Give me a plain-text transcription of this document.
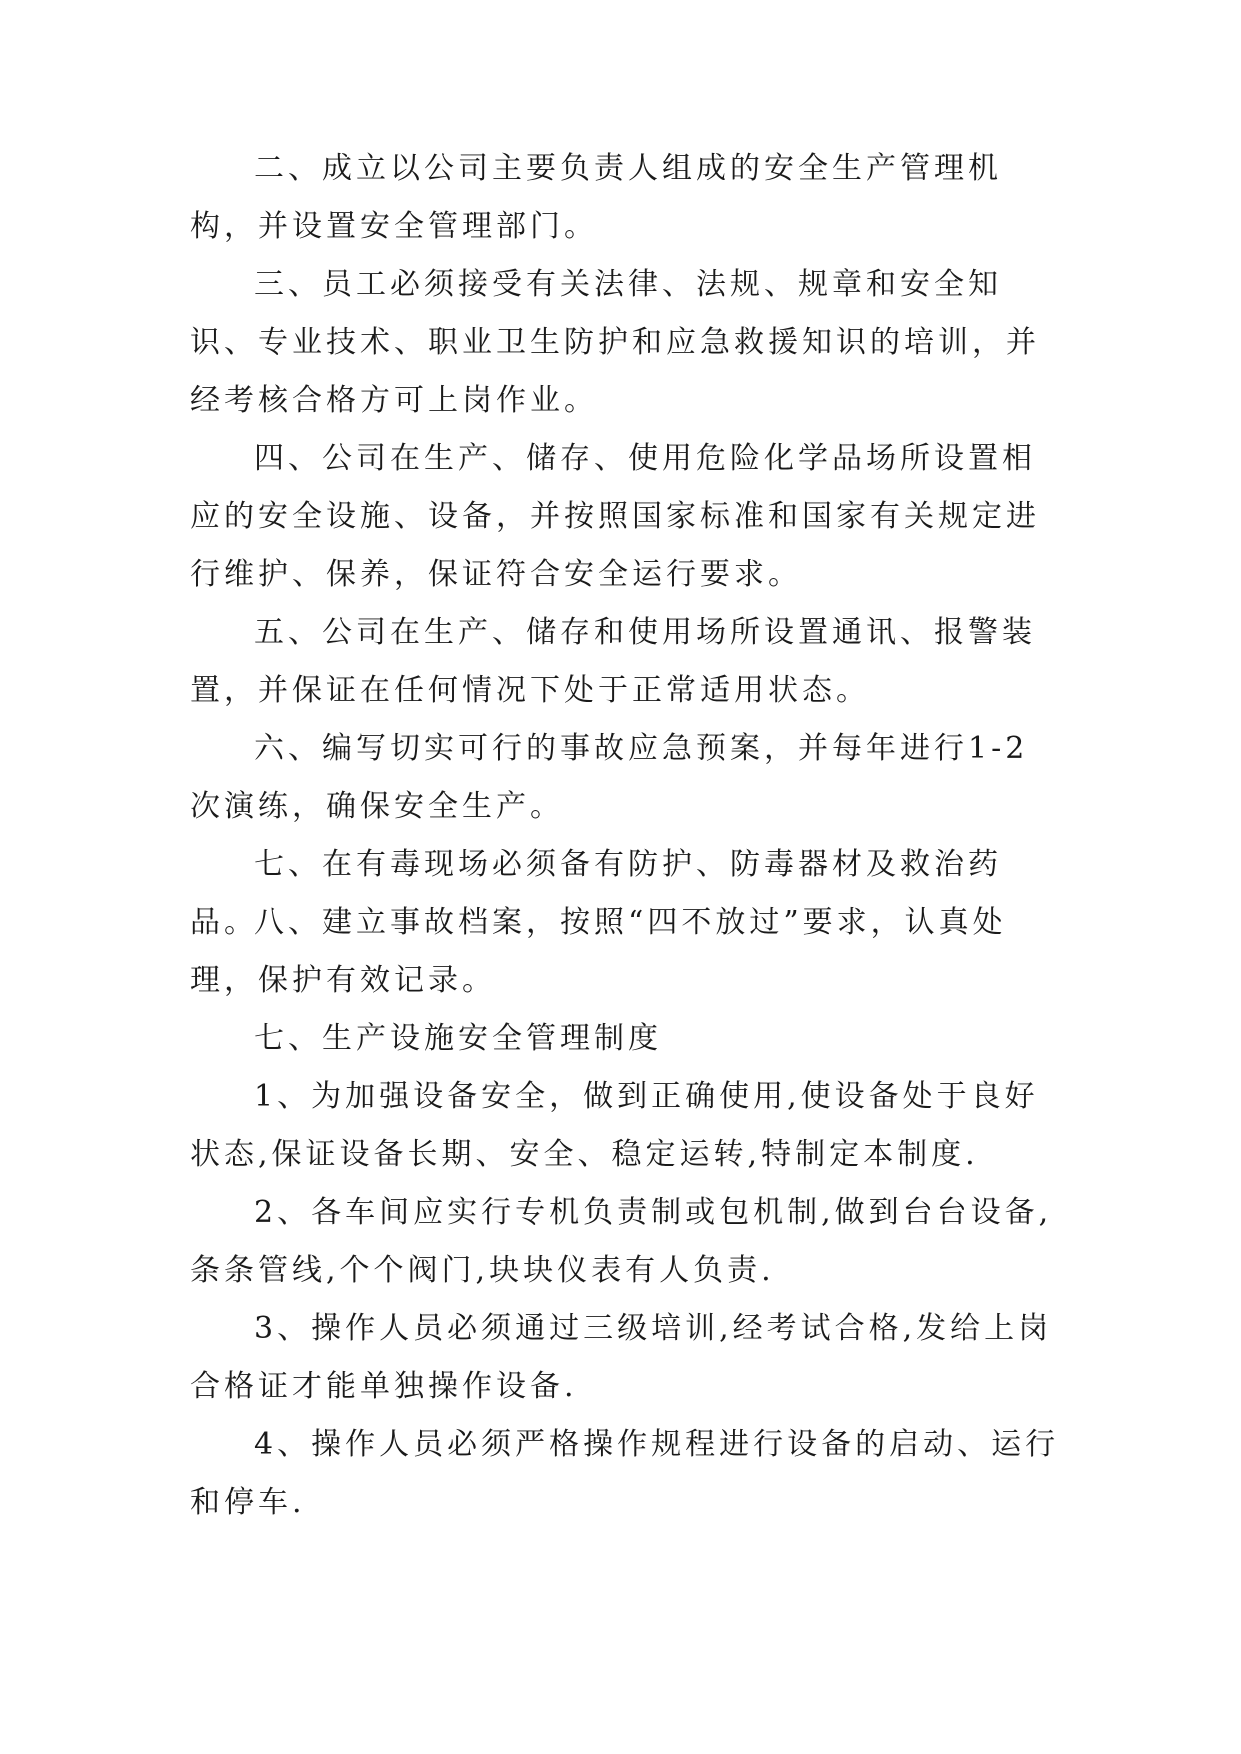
二、成立以公司主要负责人组成的安全生产管理机构，并设置安全管理部门。

三、员工必须接受有关法律、法规、规章和安全知识、专业技术、职业卫生防护和应急救援知识的培训，并经考核合格方可上岗作业。

四、公司在生产、储存、使用危险化学品场所设置相应的安全设施、设备，并按照国家标准和国家有关规定进行维护、保养，保证符合安全运行要求。

五、公司在生产、储存和使用场所设置通讯、报警装置，并保证在任何情况下处于正常适用状态。

六、编写切实可行的事故应急预案，并每年进行1-2次演练，确保安全生产。

七、在有毒现场必须备有防护、防毒器材及救治药品。

八、建立事故档案，按照“四不放过”要求，认真处理，保护有效记录。

七、生产设施安全管理制度

1、为加强设备安全，做到正确使用,使设备处于良好状态,保证设备长期、安全、稳定运转,特制定本制度.

2、各车间应实行专机负责制或包机制,做到台台设备,条条管线,个个阀门,块块仪表有人负责.

3、操作人员必须通过三级培训,经考试合格,发给上岗合格证才能单独操作设备.

4、操作人员必须严格操作规程进行设备的启动、运行和停车.
